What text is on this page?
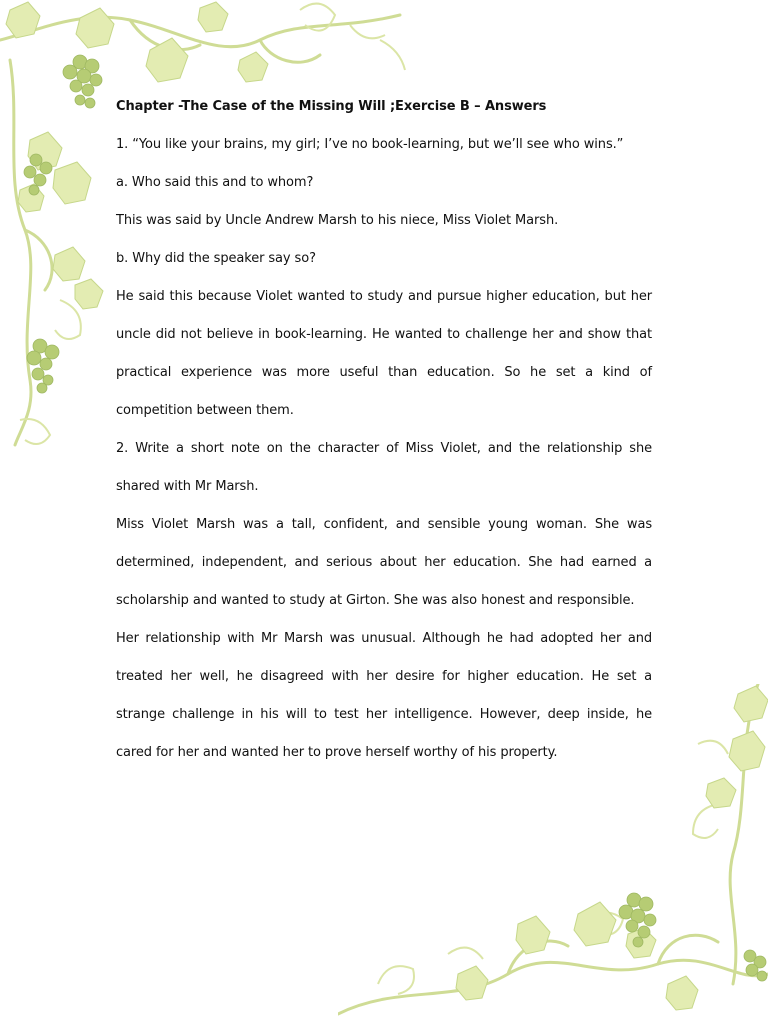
Chapter -The Case of the Missing Will ;Exercise B – Answers

1. “You like your brains, my girl; I’ve no book-learning, but we’ll see who wins.”

a. Who said this and to whom?

This was said by Uncle Andrew Marsh to his niece, Miss Violet Marsh.

b. Why did the speaker say so?

He said this because Violet wanted to study and pursue higher education, but her uncle did not believe in book-learning. He wanted to challenge her and show that practical experience was more useful than education. So he set a kind of competition between them.

2. Write a short note on the character of Miss Violet, and the relationship she shared with Mr Marsh.

Miss Violet Marsh was a tall, confident, and sensible young woman. She was determined, independent, and serious about her education. She had earned a scholarship and wanted to study at Girton. She was also honest and responsible.

Her relationship with Mr Marsh was unusual. Although he had adopted her and treated her well, he disagreed with her desire for higher education. He set a strange challenge in his will to test her intelligence. However, deep inside, he cared for her and wanted her to prove herself worthy of his property.
